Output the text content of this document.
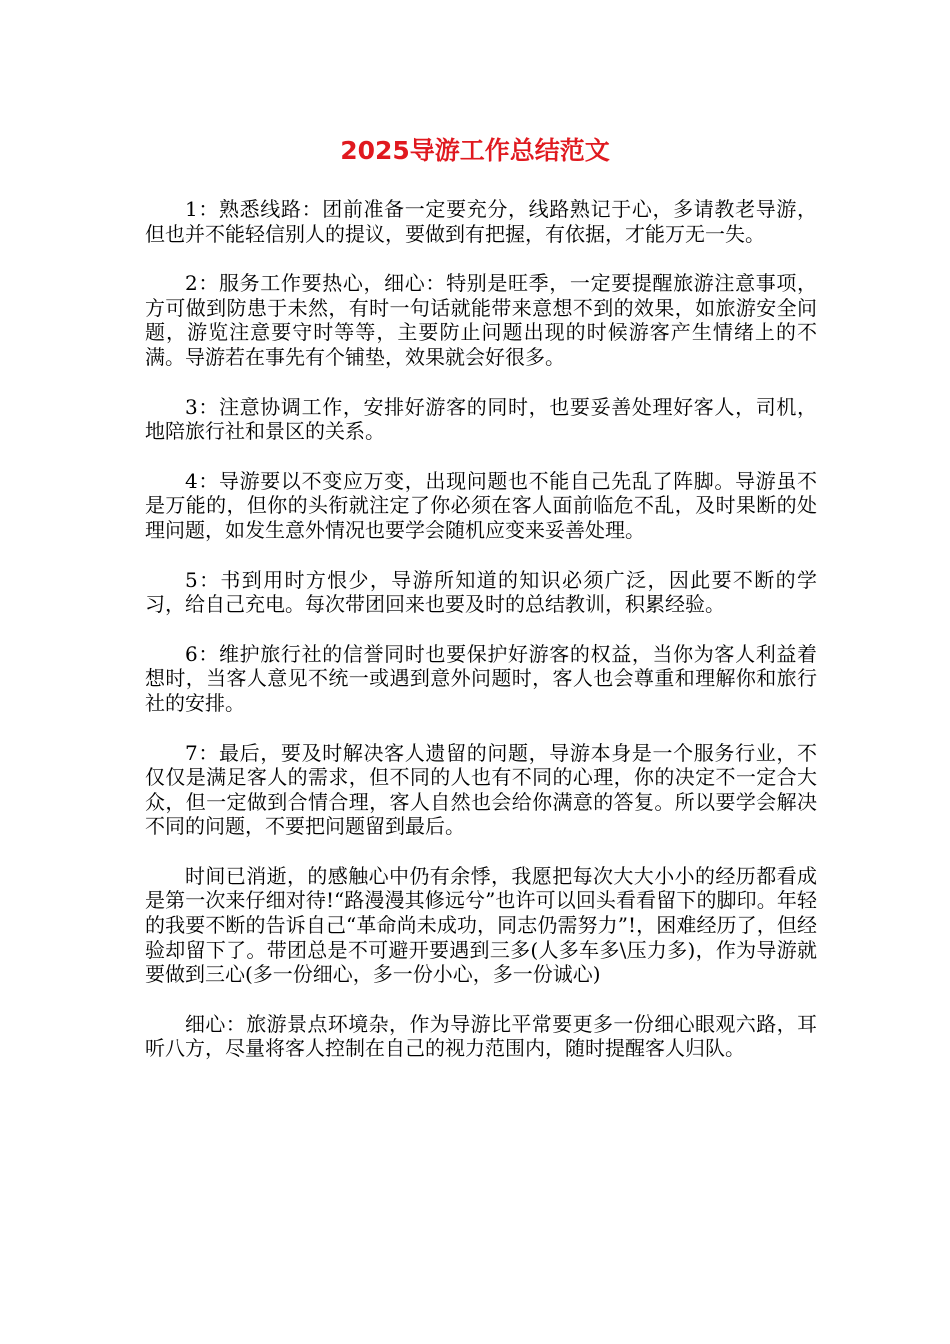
2025导游工作总结范文

1：熟悉线路：团前准备一定要充分，线路熟记于心，多请教老导游，但也并不能轻信别人的提议，要做到有把握，有依据，才能万无一失。

2：服务工作要热心，细心：特别是旺季，一定要提醒旅游注意事项，方可做到防患于未然，有时一句话就能带来意想不到的效果，如旅游安全问题，游览注意要守时等等，主要防止问题出现的时候游客产生情绪上的不满。导游若在事先有个铺垫，效果就会好很多。

3：注意协调工作，安排好游客的同时，也要妥善处理好客人，司机，地陪旅行社和景区的关系。

4：导游要以不变应万变，出现问题也不能自己先乱了阵脚。导游虽不是万能的，但你的头衔就注定了你必须在客人面前临危不乱，及时果断的处理问题，如发生意外情况也要学会随机应变来妥善处理。

5：书到用时方恨少，导游所知道的知识必须广泛，因此要不断的学习，给自己充电。每次带团回来也要及时的总结教训，积累经验。

6：维护旅行社的信誉同时也要保护好游客的权益，当你为客人利益着想时，当客人意见不统一或遇到意外问题时，客人也会尊重和理解你和旅行社的安排。

7：最后，要及时解决客人遗留的问题，导游本身是一个服务行业，不仅仅是满足客人的需求，但不同的人也有不同的心理，你的决定不一定合大众，但一定做到合情合理，客人自然也会给你满意的答复。所以要学会解决不同的问题，不要把问题留到最后。

时间已消逝，的感触心中仍有余悸，我愿把每次大大小小的经历都看成是第一次来仔细对待!“路漫漫其修远兮”也许可以回头看看留下的脚印。年轻的我要不断的告诉自己“革命尚未成功，同志仍需努力”!，困难经历了，但经验却留下了。带团总是不可避开要遇到三多(人多车多\压力多)，作为导游就要做到三心(多一份细心，多一份小心，多一份诚心)

细心：旅游景点环境杂，作为导游比平常要更多一份细心眼观六路，耳听八方，尽量将客人控制在自己的视力范围内，随时提醒客人归队。
